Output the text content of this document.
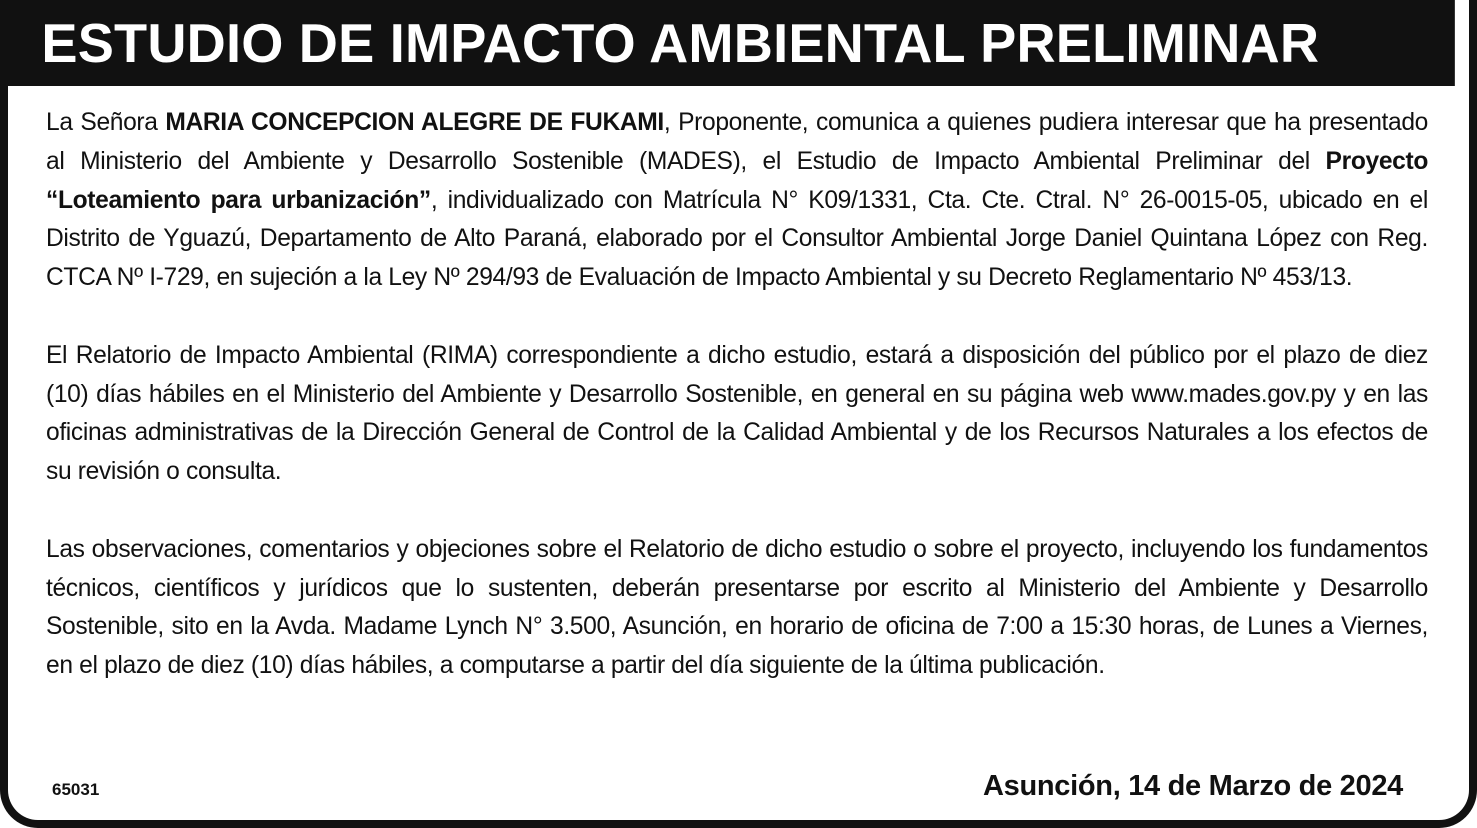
ESTUDIO DE IMPACTO AMBIENTAL PRELIMINAR

La Señora MARIA CONCEPCION ALEGRE DE FUKAMI, Proponente, comunica a quienes pudiera interesar que ha presentado al Ministerio del Ambiente y Desarrollo Sostenible (MADES), el Estudio de Impacto Ambiental Preliminar del Proyecto “Loteamiento para urbanización”, individualizado con Matrícula N° K09/1331, Cta. Cte. Ctral. N° 26-0015-05, ubicado en el Distrito de Yguazú, Departamento de Alto Paraná, elaborado por el Consultor Ambiental Jorge Daniel Quintana López con Reg. CTCA Nº I-729, en sujeción a la Ley Nº 294/93 de Evaluación de Impacto Ambiental y su Decreto Reglamentario Nº 453/13.

El Relatorio de Impacto Ambiental (RIMA) correspondiente a dicho estudio, estará a disposición del público por el plazo de diez (10) días hábiles en el Ministerio del Ambiente y Desarrollo Sostenible, en general en su página web www.mades.gov.py y en las oficinas administrativas de la Dirección General de Control de la Calidad Ambiental y de los Recursos Naturales a los efectos de su revisión o consulta.

Las observaciones, comentarios y objeciones sobre el Relatorio de dicho estudio o sobre el proyecto, incluyendo los fundamentos técnicos, científicos y jurídicos que lo sustenten, deberán presentarse por escrito al Ministerio del Ambiente y Desarrollo Sostenible, sito en la Avda. Madame Lynch N° 3.500, Asunción, en horario de oficina de 7:00 a 15:30 horas, de Lunes a Viernes, en el plazo de diez (10) días hábiles, a computarse a partir del día siguiente de la última publicación.

65031	Asunción, 14 de Marzo de 2024
